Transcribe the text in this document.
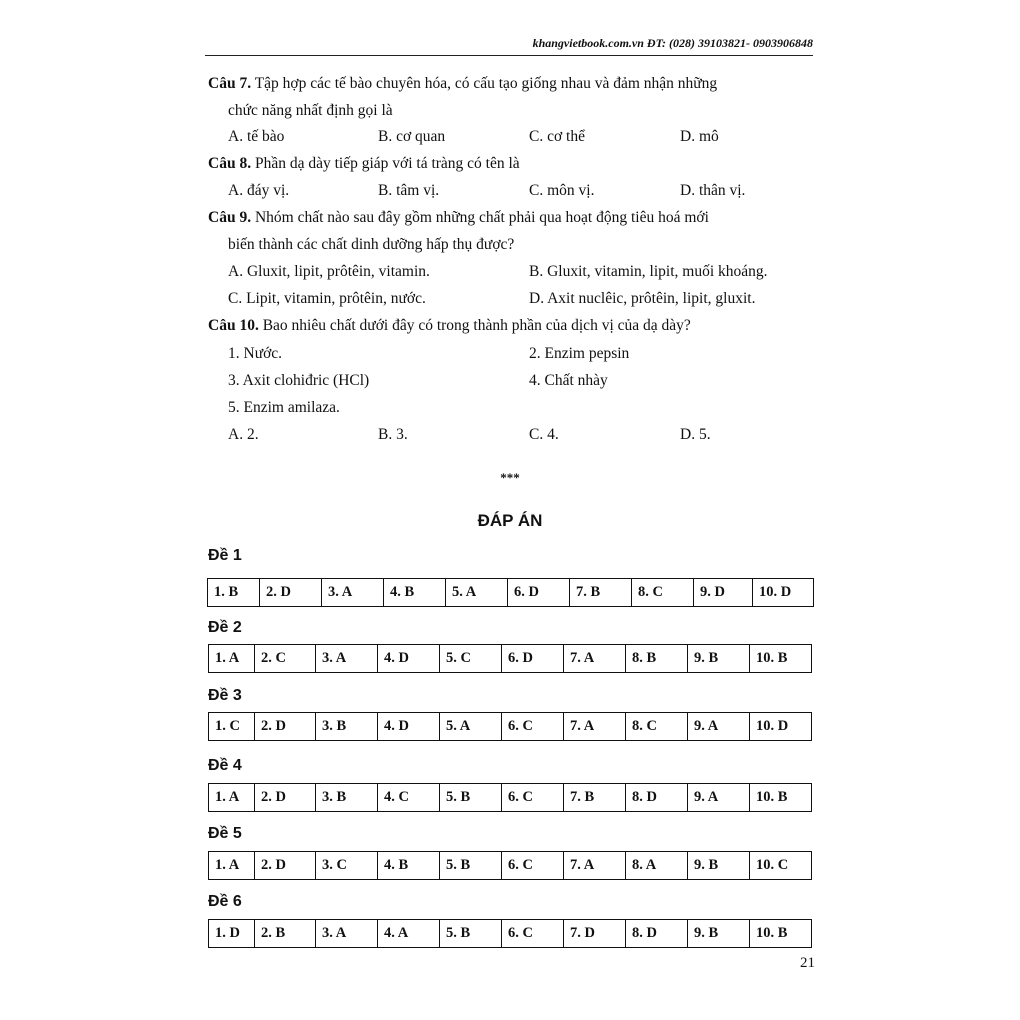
khangvietbook.com.vn ĐT: (028) 39103821- 0903906848
Câu 7. Tập hợp các tế bào chuyên hóa, có cấu tạo giống nhau và đảm nhận những
chức năng nhất định gọi là
A. tế bào	B. cơ quan	C. cơ thể	D. mô
Câu 8. Phần dạ dày tiếp giáp với tá tràng có tên là
A. đáy vị.	B. tâm vị.	C. môn vị.	D. thân vị.
Câu 9. Nhóm chất nào sau đây gồm những chất phải qua hoạt động tiêu hoá mới
biến thành các chất dinh dưỡng hấp thụ được?
A. Gluxit, lipit, prôtêin, vitamin.	B. Gluxit, vitamin, lipit, muối khoáng.
C. Lipit, vitamin, prôtêin, nước.	D. Axit nuclêic, prôtêin, lipit, gluxit.
Câu 10. Bao nhiêu chất dưới đây có trong thành phần của dịch vị của dạ dày?
1. Nước.	2. Enzim pepsin
3. Axit clohiđric (HCl)	4. Chất nhày
5. Enzim amilaza.
A. 2.	B. 3.	C. 4.	D. 5.
***
ĐÁP ÁN
Đề 1
1. B	2. D	3. A	4. B	5. A	6. D	7. B	8. C	9. D	10. D
Đề 2
1. A	2. C	3. A	4. D	5. C	6. D	7. A	8. B	9. B	10. B
Đề 3
1. C	2. D	3. B	4. D	5. A	6. C	7. A	8. C	9. A	10. D
Đề 4
1. A	2. D	3. B	4. C	5. B	6. C	7. B	8. D	9. A	10. B
Đề 5
1. A	2. D	3. C	4. B	5. B	6. C	7. A	8. A	9. B	10. C
Đề 6
1. D	2. B	3. A	4. A	5. B	6. C	7. D	8. D	9. B	10. B
21
